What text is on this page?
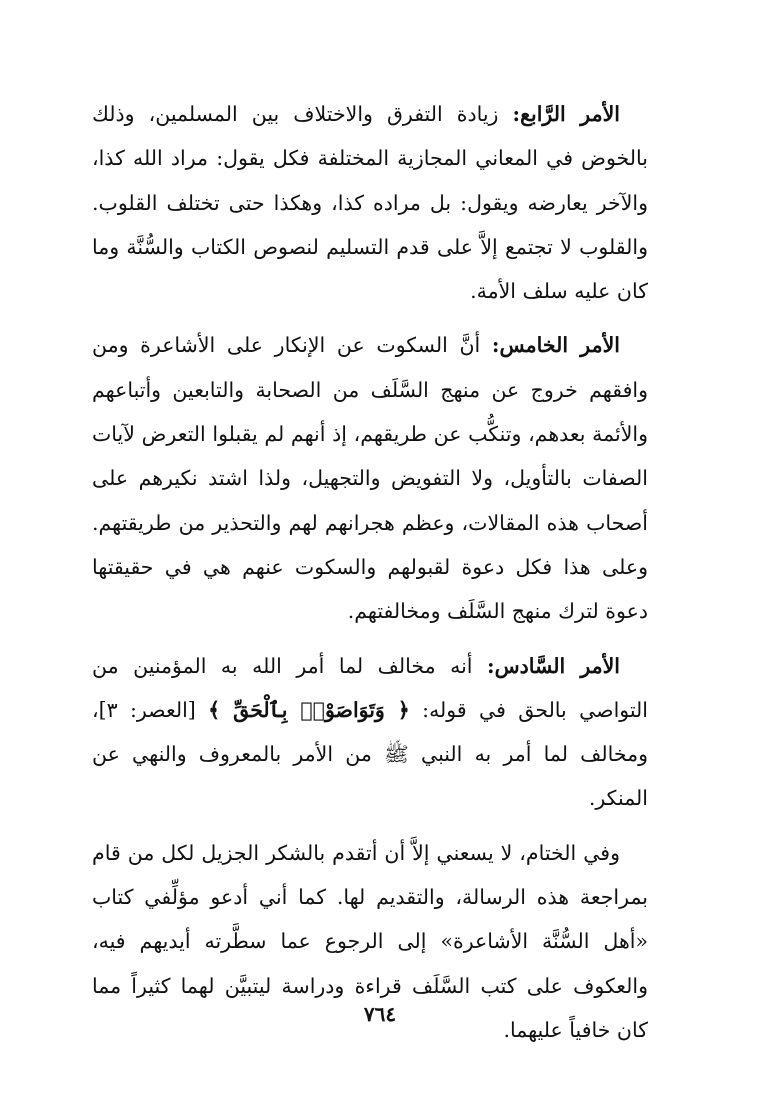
الأمر الرَّابع: زيادة التفرق والاختلاف بين المسلمين، وذلك بالخوض في المعاني المجازية المختلفة فكل يقول: مراد الله كذا، والآخر يعارضه ويقول: بل مراده كذا، وهكذا حتى تختلف القلوب. والقلوب لا تجتمع إلاَّ على قدم التسليم لنصوص الكتاب والسُّنَّة وما كان عليه سلف الأمة.

الأمر الخامس: أنَّ السكوت عن الإنكار على الأشاعرة ومن وافقهم خروج عن منهج السَّلَف من الصحابة والتابعين وأتباعهم والأئمة بعدهم، وتنكُّب عن طريقهم، إذ أنهم لم يقبلوا التعرض لآيات الصفات بالتأويل، ولا التفويض والتجهيل، ولذا اشتد نكيرهم على أصحاب هذه المقالات، وعظم هجرانهم لهم والتحذير من طريقتهم. وعلى هذا فكل دعوة لقبولهم والسكوت عنهم هي في حقيقتها دعوة لترك منهج السَّلَف ومخالفتهم.

الأمر السَّادس: أنه مخالف لما أمر الله به المؤمنين من التواصي بالحق في قوله: ﴿ وَتَوَاصَوْا۟ بِٱلْحَقِّ ﴾ [العصر: ٣]، ومخالف لما أمر به النبي ﷺ من الأمر بالمعروف والنهي عن المنكر.

وفي الختام، لا يسعني إلاَّ أن أتقدم بالشكر الجزيل لكل من قام بمراجعة هذه الرسالة، والتقديم لها. كما أني أدعو مؤلِّفي كتاب «أهل السُّنَّة الأشاعرة» إلى الرجوع عما سطَّرته أيديهم فيه، والعكوف على كتب السَّلَف قراءة ودراسة ليتبيَّن لهما كثيراً مما كان خافياً عليهما.

٧٦٤
